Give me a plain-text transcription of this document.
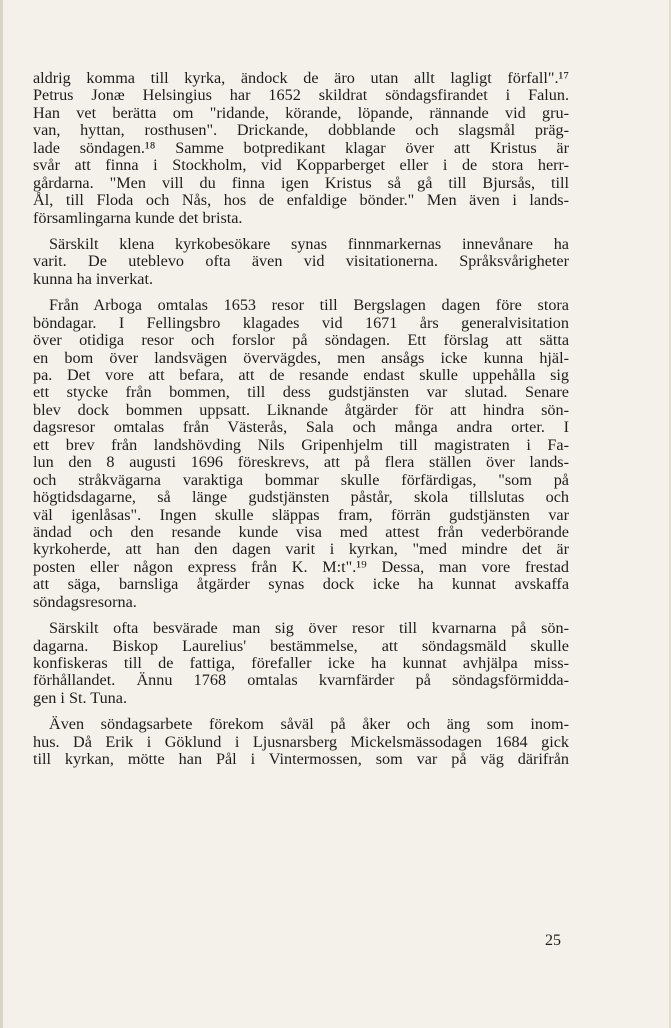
aldrig komma till kyrka, ändock de äro utan allt lagligt förfall".¹⁷
Petrus Jonæ Helsingius har 1652 skildrat söndagsfirandet i Falun.
Han vet berätta om "ridande, körande, löpande, rännande vid gru-
van, hyttan, rosthusen". Drickande, dobblande och slagsmål präg-
lade söndagen.¹⁸ Samme botpredikant klagar över att Kristus är
svår att finna i Stockholm, vid Kopparberget eller i de stora herr-
gårdarna. "Men vill du finna igen Kristus så gå till Bjursås, till
Ål, till Floda och Nås, hos de enfaldige bönder." Men även i lands-
församlingarna kunde det brista.
Särskilt klena kyrkobesökare synas finnmarkernas innevånare ha
varit. De uteblevo ofta även vid visitationerna. Språksvårigheter
kunna ha inverkat.
Från Arboga omtalas 1653 resor till Bergslagen dagen före stora
böndagar. I Fellingsbro klagades vid 1671 års generalvisitation
över otidiga resor och forslor på söndagen. Ett förslag att sätta
en bom över landsvägen övervägdes, men ansågs icke kunna hjäl-
pa. Det vore att befara, att de resande endast skulle uppehålla sig
ett stycke från bommen, till dess gudstjänsten var slutad. Senare
blev dock bommen uppsatt. Liknande åtgärder för att hindra sön-
dagsresor omtalas från Västerås, Sala och många andra orter. I
ett brev från landshövding Nils Gripenhjelm till magistraten i Fa-
lun den 8 augusti 1696 föreskrevs, att på flera ställen över lands-
och stråkvägarna varaktiga bommar skulle förfärdigas, "som på
högtidsdagarne, så länge gudstjänsten påstår, skola tillslutas och
väl igenlåsas". Ingen skulle släppas fram, förrän gudstjänsten var
ändad och den resande kunde visa med attest från vederbörande
kyrkoherde, att han den dagen varit i kyrkan, "med mindre det är
posten eller någon express från K. M:t".¹⁹ Dessa, man vore frestad
att säga, barnsliga åtgärder synas dock icke ha kunnat avskaffa
söndagsresorna.
Särskilt ofta besvärade man sig över resor till kvarnarna på sön-
dagarna. Biskop Laurelius' bestämmelse, att söndagsmäld skulle
konfiskeras till de fattiga, förefaller icke ha kunnat avhjälpa miss-
förhållandet. Ännu 1768 omtalas kvarnfärder på söndagsförmidda-
gen i St. Tuna.
Även söndagsarbete förekom såväl på åker och äng som inom-
hus. Då Erik i Göklund i Ljusnarsberg Mickelsmässodagen 1684 gick
till kyrkan, mötte han Pål i Vintermossen, som var på väg därifrån
25
